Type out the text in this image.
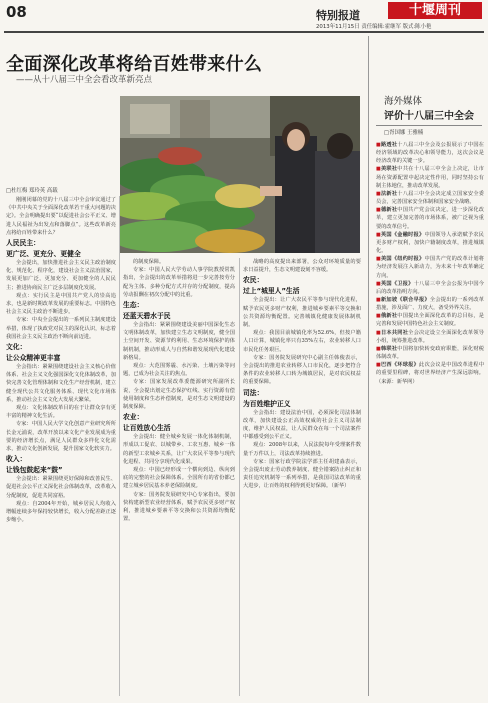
08	特别报道	十堰周刊
2013年11月15日 责任编辑:霍继军 版式:陈小艳
全面深化改革将给百姓带来什么
——从十八届三中全会看改革新亮点
□杜红梅 郑玲英 高载

刚刚闭幕的党的十八届三中全会审议通过了《中共中央关于全面深化改革若干重大问题的决定》。全会明确提出要“以促进社会公平正义、增进人民福祉为出发点和落脚点”。这些改革新亮点将给百姓带来什么？

人民民主：

更广泛、更充分、更健全

全会提出，加快推进社会主义民主政治制度化、规范化、程序化，建设社会主义法治国家，发展更加广泛、更加充分、更加健全的人民民主；推进协商民主广泛多层制度化发展。

观点：实行民主是中国共产党人的崇高追求，也是新时期改革发展的重要标志。中国特色社会主义民主政治不断进步。

专家：中央全会提出的一系列民主制度建设举措，体现了执政党对民主的深化认识，标志着我国社会主义民主政治不断向前迈进。

文化：

让公众精神更丰富

全会指出：紧紧围绕建设社会主义核心价值体系、社会主义文化强国深化文化体制改革，加快完善文化管理体制和文化生产经营机制，建立健全现代公共文化服务体系、现代文化市场体系，推动社会主义文化大发展大繁荣。

观点：文化体制改革目的在于让群众享有更丰富的精神文化生活。

专家：中国人民大学文化创意产业研究所所长金元浦说，改革开放以来文化产业发展成为重要的经济增长点，满足人民群众多样化文化需求，推动文化创新发展，提升国家文化软实力。

收入：

让钱包鼓起来“鼓”

全会提出：紧紧围绕更好保障和改善民生、促进社会公平正义深化社会体制改革，改革收入分配制度，促进共同富裕。

观点：自2004年开始，城乡居民人均收入增幅连续多年保持较快增长，收入分配差距正逐步缩小。

的制度保障。

专家：中国人民大学劳动人事学院教授常凯指出，全会提出的改革举措将进一步完善按劳分配为主体、多种分配方式并存的分配制度，提高劳动报酬在初次分配中的比重。

生态：

还蓝天碧水于民

全会指出：紧紧围绕建设美丽中国深化生态文明体制改革，加快建立生态文明制度，健全国土空间开发、资源节约利用、生态环境保护的体制机制，推动形成人与自然和谐发展现代化建设新格局。

观点：大范围雾霾、水污染、土壤污染等问题，已成为社会关注的焦点。

专家：国家发展改革委能源研究所副所长说，全会提出划定生态保护红线、实行资源有偿使用制度和生态补偿制度，是对生态文明建设的制度保障。

农业：

让百姓放心生活

全会提出：健全城乡发展一体化体制机制，形成以工促农、以城带乡、工农互惠、城乡一体的新型工农城乡关系，让广大农民平等参与现代化进程、共同分享现代化成果。

观点：中国已经形成一个横向到边、纵向到底的完整的社会保障体系。全国所有的省份都已建立城乡居民基本养老保险制度。

专家：国务院发展研究中心专家指出，要加快构建新型农业经营体系，赋予农民更多财产权利，推进城乡要素平等交换和公共资源均衡配置。

战略的高度提出来部署，公众对环境质量的要求日益提升，生态文明建设刻不容缓。

农民：

过上“城里人”生活

全会提出：让广大农民平等参与现代化进程，赋予农民更多财产权利，推进城乡要素平等交换和公共资源均衡配置。完善城镇化健康发展体制机制。

观点：我国目前城镇化率为52.6%，但按户籍人口计算，城镇化率只有35%左右，农业转移人口市民化任务艰巨。

专家：国务院发展研究中心副主任韩俊表示，全会提出的推进农业转移人口市民化，逐步把符合条件的农业转移人口转为城镇居民，是对农民权益的重要保障。

司法：

为百姓维护正义

全会指出：建设法治中国，必须深化司法体制改革，加快建设公正高效权威的社会主义司法制度，维护人民权益，让人民群众在每一个司法案件中都感受到公平正义。

观点：2008年以来，人民法院每年受理案件数量千万件以上，司法改革持续推进。

专家：国家行政学院法学部主任胡建淼表示，全会提出废止劳动教养制度、健全错案防止纠正和责任追究机制等一系列举措，是我国司法改革的重大进步，让百姓的权利得到更好保障。（新华）

海外媒体
评价十八届三中全会
□胥国娜 王雅楠
■路透社十八届三中全会及公报展示了中国在经济领域的改革决心和领导能力，这次会议是经济改革的关键一步。
■美联社中共在十八届三中全会上决定，让市场在资源配置中起决定性作用，同时坚持公有制主体地位，推动改革发展。
■法新社十八届三中全会决定成立国家安全委员会，完善国家安全体制和国家安全战略。
■德新社中国共产党会议决定，进一步深化改革，建立更加完善的市场体系，被广泛视为重要的改革信号。
■英国《金融时报》中国领导人承诺赋予农民更多财产权利，加快户籍制度改革，推进城镇化。
■美国《纽约时报》中国共产党的改革计划将为经济发展注入新动力，为未来十年改革确定方向。
■英国《卫报》十八届三中全会公报为中国今后的改革指明方向。
■新加坡《联合早报》全会提出的一系列改革措施，涉及面广、力度大，备受外界关注。
■俄新社中国提出全面深化改革的总目标，是完善和发展中国特色社会主义制度。
■日本共同社全会决定设立全面深化改革领导小组，统筹推进改革。
■韩联社中国将加快转变政府职能，深化财税体制改革。
■巴西《环球报》此次会议是中国改革进程中的重要里程碑，将对世界经济产生深远影响。（来源：新华网）
